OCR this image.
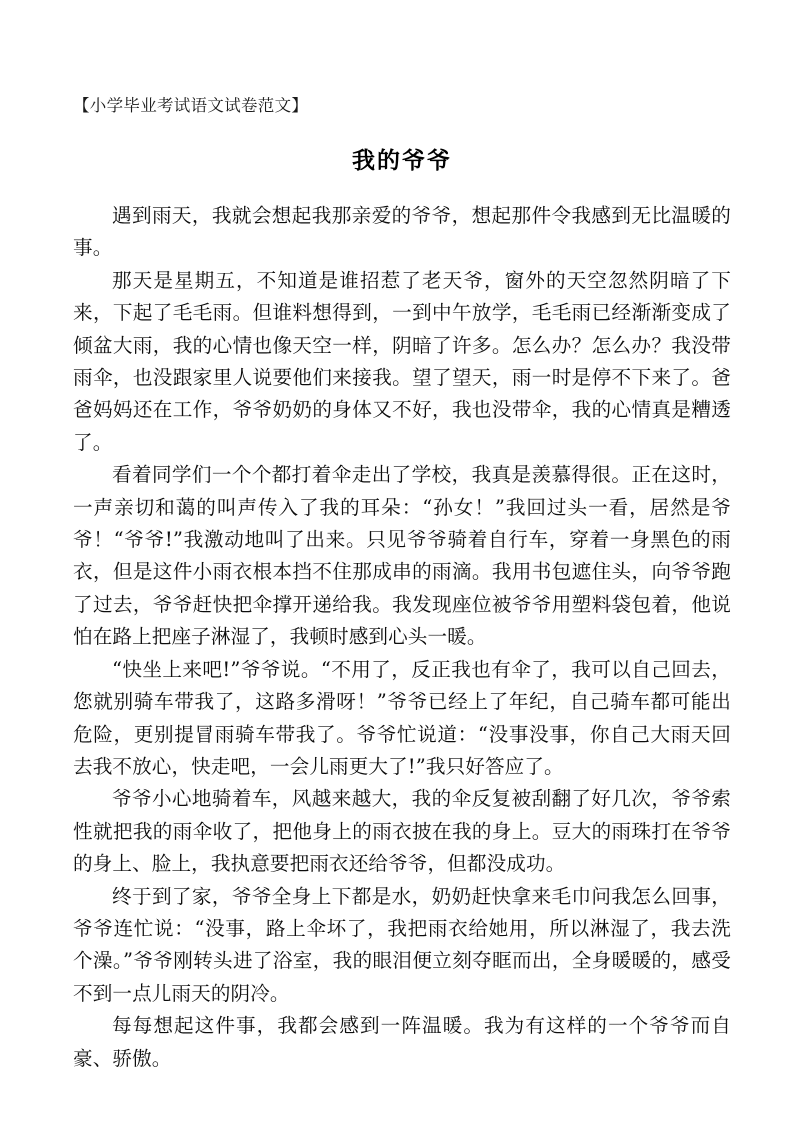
【小学毕业考试语文试卷范文】
我的爷爷

遇到雨天，我就会想起我那亲爱的爷爷，想起那件令我感到无比温暖的事。

那天是星期五，不知道是谁招惹了老天爷，窗外的天空忽然阴暗了下来，下起了毛毛雨。但谁料想得到，一到中午放学，毛毛雨已经渐渐变成了倾盆大雨，我的心情也像天空一样，阴暗了许多。怎么办？怎么办？我没带雨伞，也没跟家里人说要他们来接我。望了望天，雨一时是停不下来了。爸爸妈妈还在工作，爷爷奶奶的身体又不好，我也没带伞，我的心情真是糟透了。

看着同学们一个个都打着伞走出了学校，我真是羡慕得很。正在这时，一声亲切和蔼的叫声传入了我的耳朵：“孙女！”我回过头一看，居然是爷爷！“爷爷!”我激动地叫了出来。只见爷爷骑着自行车，穿着一身黑色的雨衣，但是这件小雨衣根本挡不住那成串的雨滴。我用书包遮住头，向爷爷跑了过去，爷爷赶快把伞撑开递给我。我发现座位被爷爷用塑料袋包着，他说怕在路上把座子淋湿了，我顿时感到心头一暖。

“快坐上来吧!”爷爷说。“不用了，反正我也有伞了，我可以自己回去，您就别骑车带我了，这路多滑呀！”爷爷已经上了年纪，自己骑车都可能出危险，更别提冒雨骑车带我了。爷爷忙说道：“没事没事，你自己大雨天回去我不放心，快走吧，一会儿雨更大了!”我只好答应了。

爷爷小心地骑着车，风越来越大，我的伞反复被刮翻了好几次，爷爷索性就把我的雨伞收了，把他身上的雨衣披在我的身上。豆大的雨珠打在爷爷的身上、脸上，我执意要把雨衣还给爷爷，但都没成功。

终于到了家，爷爷全身上下都是水，奶奶赶快拿来毛巾问我怎么回事，爷爷连忙说：“没事，路上伞坏了，我把雨衣给她用，所以淋湿了，我去洗个澡。”爷爷刚转头进了浴室，我的眼泪便立刻夺眶而出，全身暖暖的，感受不到一点儿雨天的阴冷。

每每想起这件事，我都会感到一阵温暖。我为有这样的一个爷爷而自豪、骄傲。
